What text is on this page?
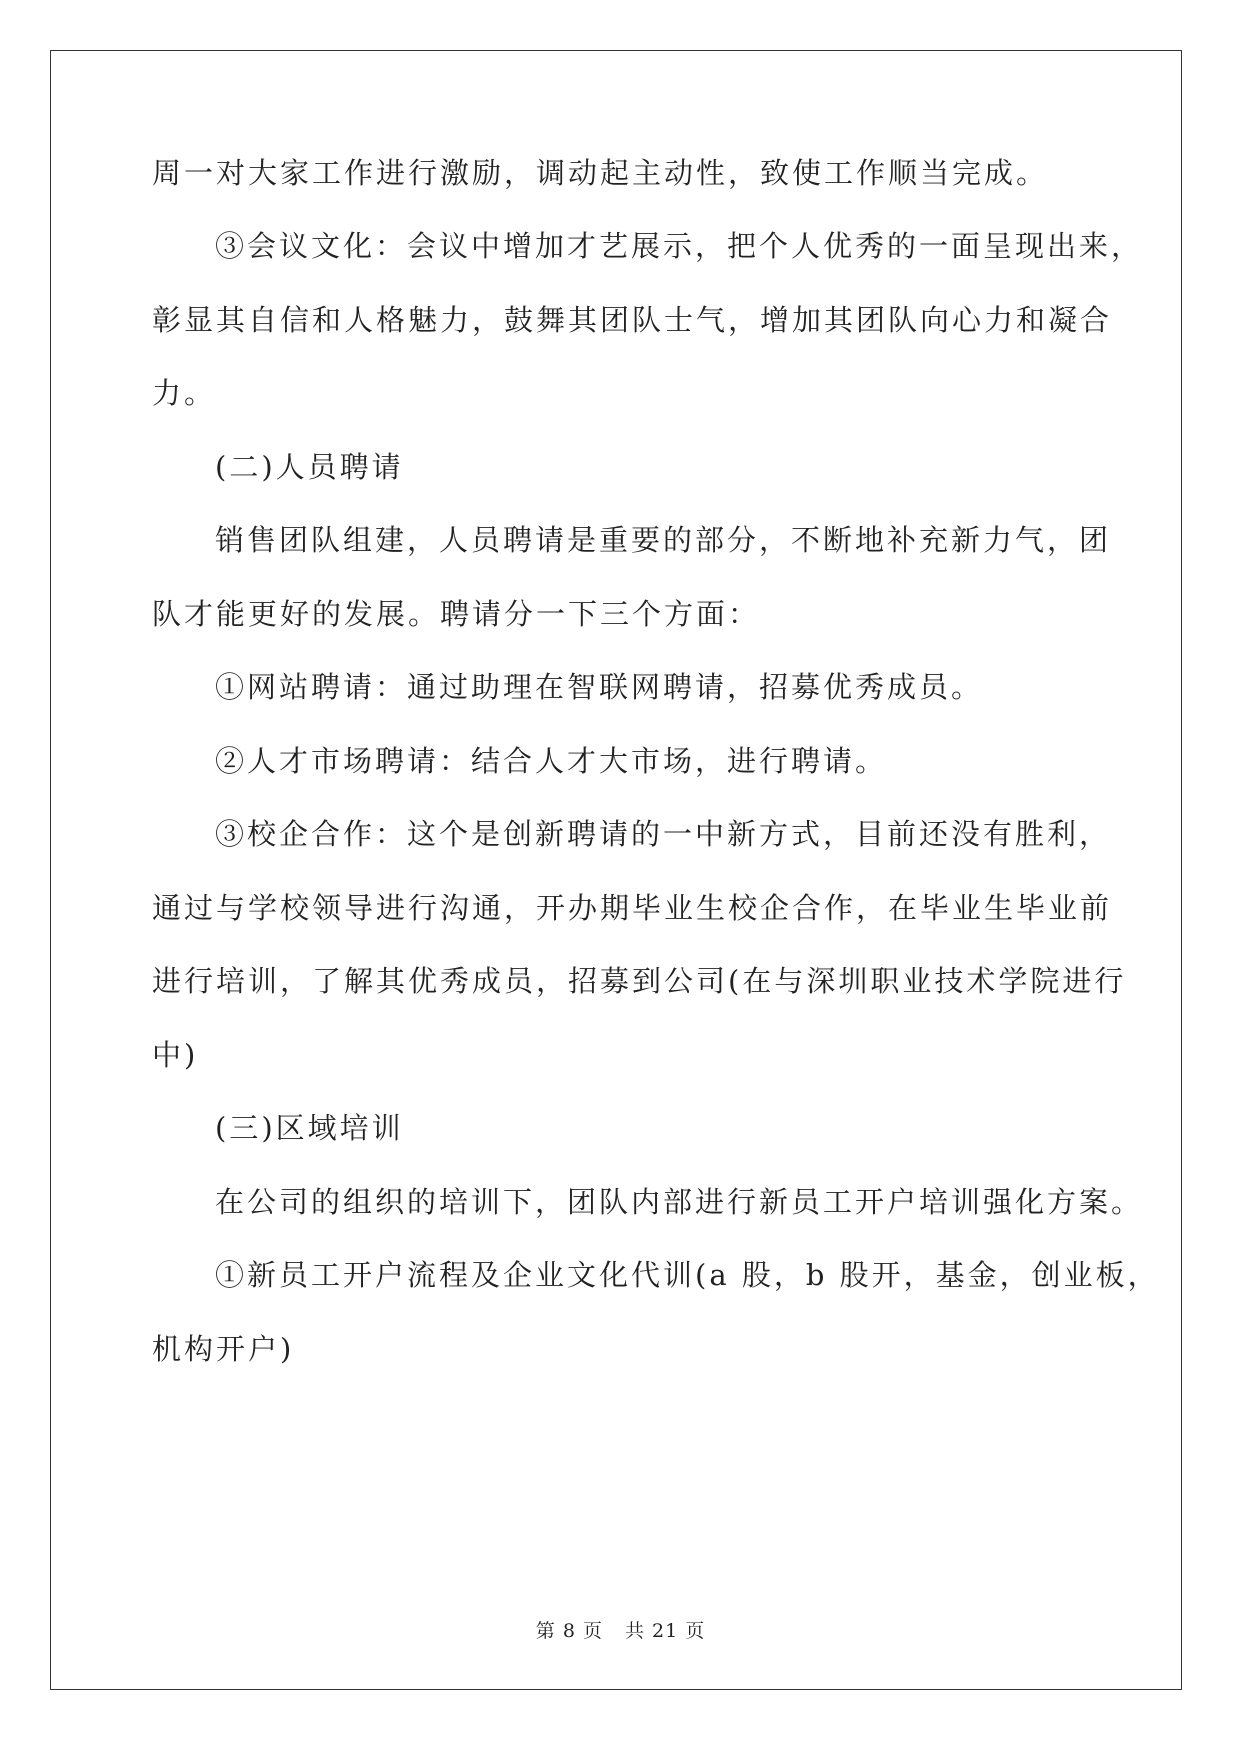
周一对大家工作进行激励，调动起主动性，致使工作顺当完成。
③会议文化：会议中增加才艺展示，把个人优秀的一面呈现出来，
彰显其自信和人格魅力，鼓舞其团队士气，增加其团队向心力和凝合
力。
(二)人员聘请
销售团队组建，人员聘请是重要的部分，不断地补充新力气，团
队才能更好的发展。聘请分一下三个方面：
①网站聘请：通过助理在智联网聘请，招募优秀成员。
②人才市场聘请：结合人才大市场，进行聘请。
③校企合作：这个是创新聘请的一中新方式，目前还没有胜利，
通过与学校领导进行沟通，开办期毕业生校企合作，在毕业生毕业前
进行培训，了解其优秀成员，招募到公司(在与深圳职业技术学院进行
中)
(三)区域培训
在公司的组织的培训下，团队内部进行新员工开户培训强化方案。
①新员工开户流程及企业文化代训(a 股，b 股开，基金，创业板，
机构开户)
第 8 页 共 21 页
